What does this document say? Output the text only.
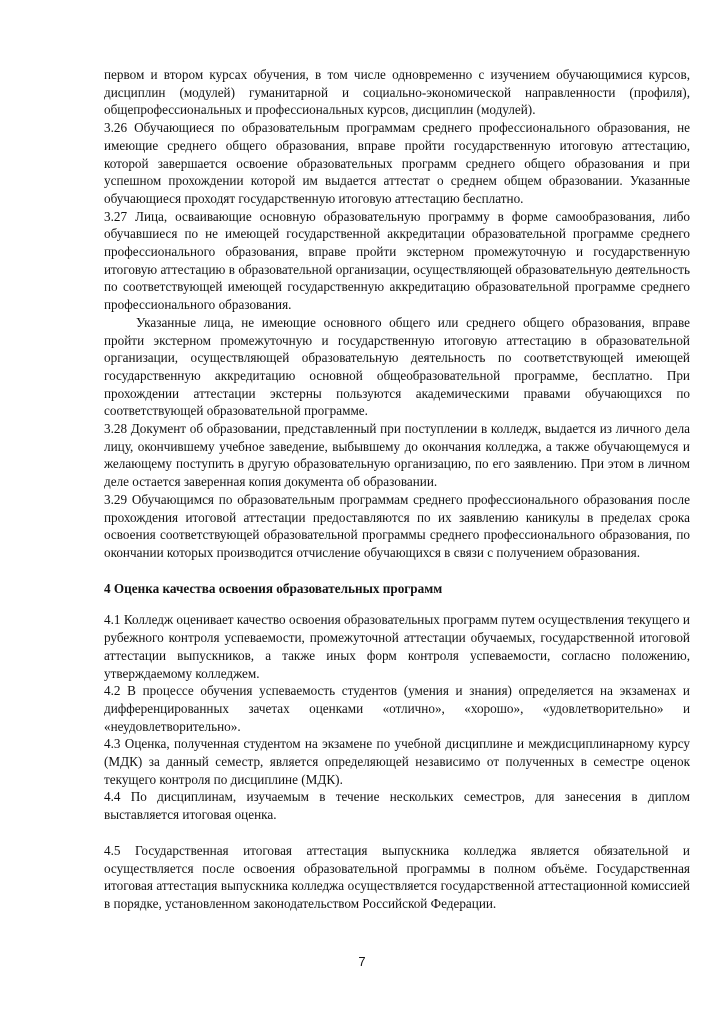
первом и втором курсах обучения, в том числе одновременно с изучением обучающимися курсов, дисциплин (модулей) гуманитарной и социально-экономической направленности (профиля), общепрофессиональных и профессиональных курсов, дисциплин (модулей).

3.26 Обучающиеся по образовательным программам среднего профессионального образования, не имеющие среднего общего образования, вправе пройти государственную итоговую аттестацию, которой завершается освоение образовательных программ среднего общего образования и при успешном прохождении которой им выдается аттестат о среднем общем образовании. Указанные обучающиеся проходят государственную итоговую аттестацию бесплатно.

3.27 Лица, осваивающие основную образовательную программу в форме самообразования, либо обучавшиеся по не имеющей государственной аккредитации образовательной программе среднего профессионального образования, вправе пройти экстерном промежуточную и государственную итоговую аттестацию в образовательной организации, осуществляющей образовательную деятельность по соответствующей имеющей государственную аккредитацию образовательной программе среднего профессионального образования.

Указанные лица, не имеющие основного общего или среднего общего образования, вправе пройти экстерном промежуточную и государственную итоговую аттестацию в образовательной организации, осуществляющей образовательную деятельность по соответствующей имеющей государственную аккредитацию основной общеобразовательной программе, бесплатно. При прохождении аттестации экстерны пользуются академическими правами обучающихся по соответствующей образовательной программе.

3.28 Документ об образовании, представленный при поступлении в колледж, выдается из личного дела лицу, окончившему учебное заведение, выбывшему до окончания колледжа, а также обучающемуся и желающему поступить в другую образовательную организацию, по его заявлению. При этом в личном деле остается заверенная копия документа об образовании.

3.29 Обучающимся по образовательным программам среднего профессионального образования после прохождения итоговой аттестации предоставляются по их заявлению каникулы в пределах срока освоения соответствующей образовательной программы среднего профессионального образования, по окончании которых производится отчисление обучающихся в связи с получением образования.

4 Оценка качества освоения образовательных программ

4.1 Колледж оценивает качество освоения образовательных программ путем осуществления текущего и рубежного контроля успеваемости, промежуточной аттестации обучаемых, государственной итоговой аттестации выпускников, а также иных форм контроля успеваемости, согласно положению, утверждаемому колледжем.

4.2 В процессе обучения успеваемость студентов (умения и знания) определяется на экзаменах и дифференцированных зачетах оценками «отлично», «хорошо», «удовлетворительно» и «неудовлетворительно».

4.3 Оценка, полученная студентом на экзамене по учебной дисциплине и междисциплинарному курсу (МДК) за данный семестр, является определяющей независимо от полученных в семестре оценок текущего контроля по дисциплине (МДК).

4.4 По дисциплинам, изучаемым в течение нескольких семестров, для занесения в диплом выставляется итоговая оценка.

4.5 Государственная итоговая аттестация выпускника колледжа является обязательной и осуществляется после освоения образовательной программы в полном объёме. Государственная итоговая аттестация выпускника колледжа осуществляется государственной аттестационной комиссией в порядке, установленном законодательством Российской Федерации.

7
